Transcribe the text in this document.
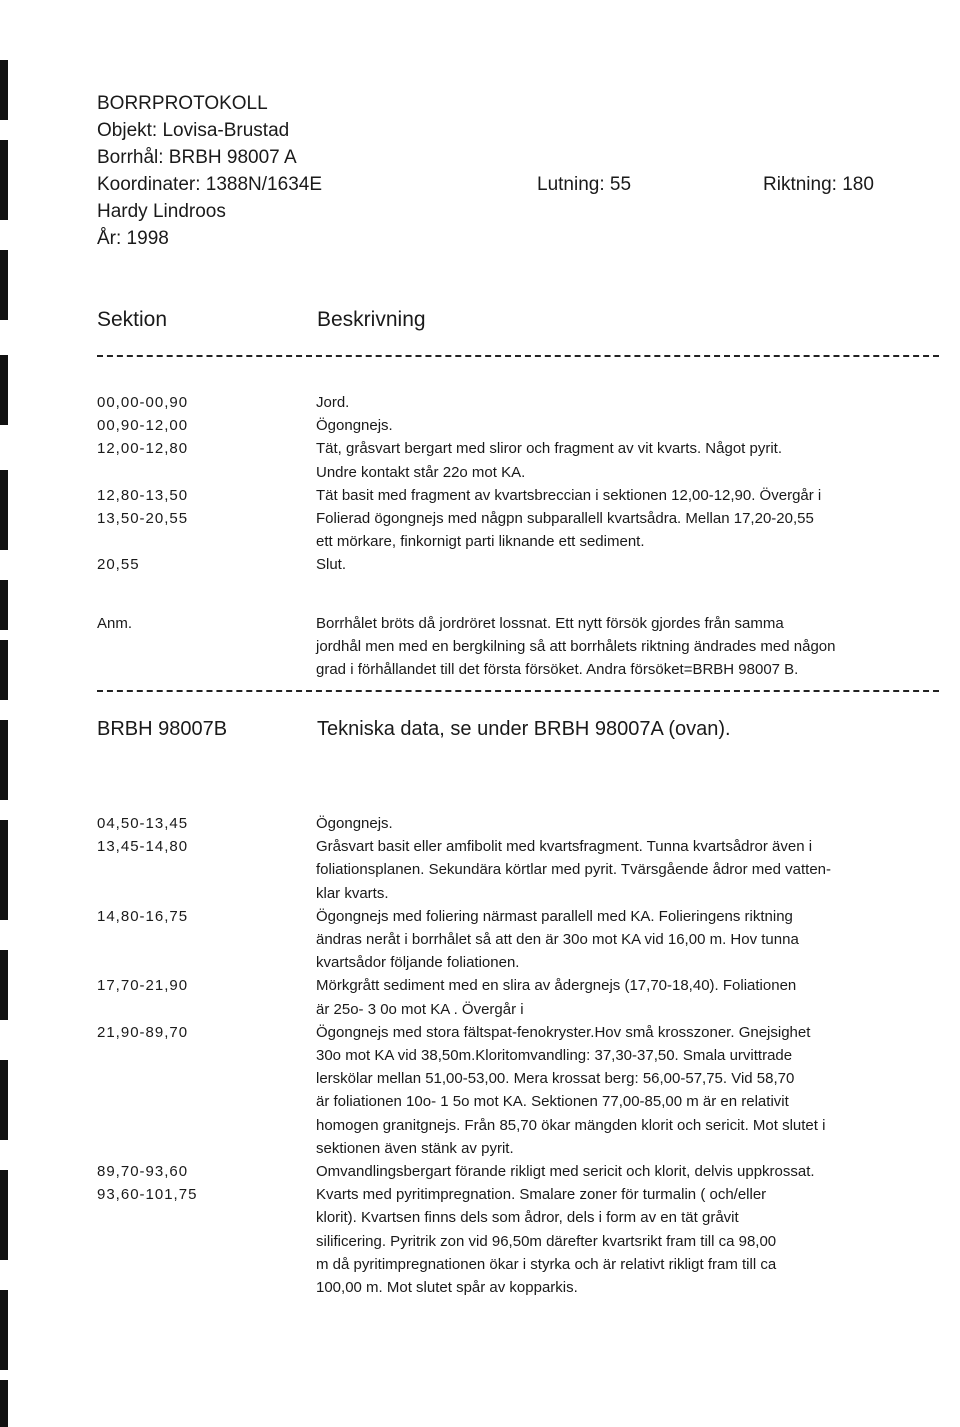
BORRPROTOKOLL
Objekt: Lovisa-Brustad
Borrhål: BRBH 98007 A
Koordinater: 1388N/1634E	Lutning: 55	Riktning: 180
Hardy Lindroos
År: 1998
Sektion	Beskrivning
00,00-00,90	Jord.
00,90-12,00	Ögongnejs.
12,00-12,80	Tät, gråsvart bergart med sliror och fragment av vit kvarts. Något pyrit.
Undre kontakt står 22o mot KA.
12,80-13,50	Tät basit med fragment av kvartsbreccian i sektionen 12,00-12,90. Övergår i
13,50-20,55	Folierad ögongnejs med någpn subparallell kvartsådra. Mellan 17,20-20,55
ett mörkare, finkornigt parti liknande ett sediment.
20,55	Slut.
Anm.	Borrhålet bröts då jordröret lossnat. Ett nytt försök gjordes från samma
jordhål men med en bergkilning så att borrhålets riktning ändrades med någon
grad i förhållandet till det första försöket. Andra försöket=BRBH 98007 B.
BRBH 98007B	Tekniska data, se under BRBH 98007A (ovan).
04,50-13,45	Ögongnejs.
13,45-14,80	Gråsvart basit eller amfibolit med kvartsfragment. Tunna kvartsådror även i
foliationsplanen. Sekundära körtlar med pyrit. Tvärsgående ådror med vatten-
klar kvarts.
14,80-16,75	Ögongnejs med foliering närmast parallell med KA. Folieringens riktning
ändras neråt i borrhålet så att den är 30o mot KA vid 16,00 m. Hov tunna
kvartsådor följande foliationen.
17,70-21,90	Mörkgrått sediment med en slira av ådergnejs (17,70-18,40). Foliationen
är 25o- 3 0o mot KA . Övergår i
21,90-89,70	Ögongnejs med stora fältspat-fenokryster.Hov små krosszoner. Gnejsighet
30o mot KA vid 38,50m.Kloritomvandling: 37,30-37,50. Smala urvittrade
lerskölar mellan 51,00-53,00. Mera krossat berg: 56,00-57,75. Vid 58,70
är foliationen 10o- 1 5o mot KA. Sektionen 77,00-85,00 m är en relativit
homogen granitgnejs. Från 85,70 ökar mängden klorit och sericit. Mot slutet i
sektionen även stänk av pyrit.
89,70-93,60	Omvandlingsbergart förande rikligt med sericit och klorit, delvis uppkrossat.
93,60-101,75	Kvarts med pyritimpregnation. Smalare zoner för turmalin ( och/eller
klorit). Kvartsen finns dels som ådror, dels i form av en tät gråvit
silificering. Pyritrik zon vid 96,50m därefter kvartsrikt fram till ca 98,00
m då pyritimpregnationen ökar i styrka och är relativt rikligt fram till ca
100,00 m. Mot slutet spår av kopparkis.
